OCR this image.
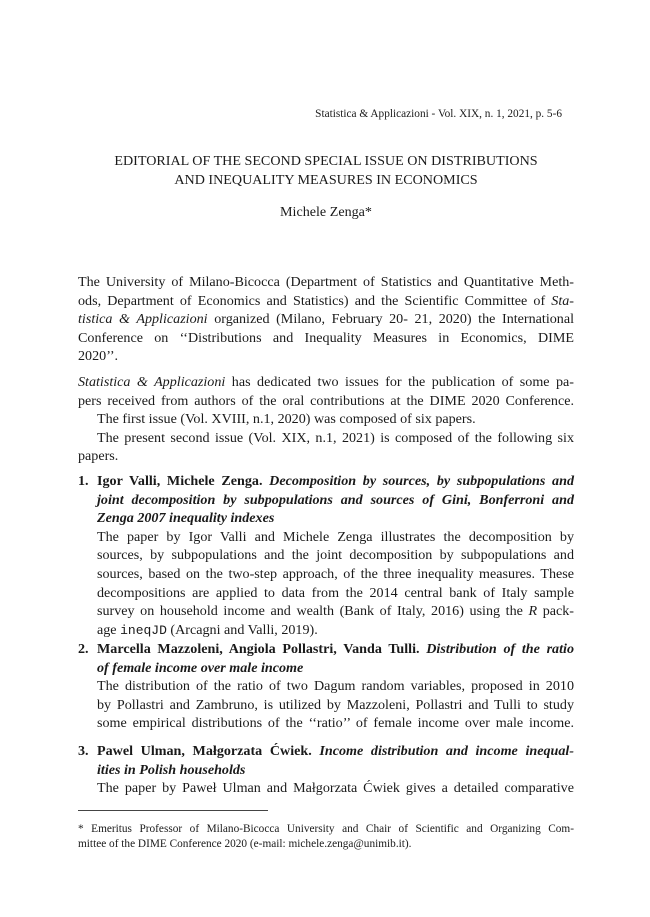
Statistica & Applicazioni - Vol. XIX, n. 1, 2021, p. 5-6
EDITORIAL OF THE SECOND SPECIAL ISSUE ON DISTRIBUTIONS
AND INEQUALITY MEASURES IN ECONOMICS
Michele Zenga*
The University of Milano-Bicocca (Department of Statistics and Quantitative Meth-
ods, Department of Economics and Statistics) and the Scientific Committee of Sta-
tistica & Applicazioni organized (Milano, February 20- 21, 2020) the International
Conference on ‘‘Distributions and Inequality Measures in Economics, DIME
2020’’.
Statistica & Applicazioni has dedicated two issues for the publication of some pa-
pers received from authors of the oral contributions at the DIME 2020 Conference.
The first issue (Vol. XVIII, n.1, 2020) was composed of six papers.
The present second issue (Vol. XIX, n.1, 2021) is composed of the following six
papers.
1. Igor Valli, Michele Zenga. Decomposition by sources, by subpopulations and
joint decomposition by subpopulations and sources of Gini, Bonferroni and
Zenga 2007 inequality indexes
The paper by Igor Valli and Michele Zenga illustrates the decomposition by
sources, by subpopulations and the joint decomposition by subpopulations and
sources, based on the two-step approach, of the three inequality measures. These
decompositions are applied to data from the 2014 central bank of Italy sample
survey on household income and wealth (Bank of Italy, 2016) using the R pack-
age ineqJD (Arcagni and Valli, 2019).
2. Marcella Mazzoleni, Angiola Pollastri, Vanda Tulli. Distribution of the ratio
of female income over male income
The distribution of the ratio of two Dagum random variables, proposed in 2010
by Pollastri and Zambruno, is utilized by Mazzoleni, Pollastri and Tulli to study
some empirical distributions of the ‘‘ratio’’ of female income over male income.
3. Pawel Ulman, Małgorzata Ćwiek. Income distribution and income inequal-
ities in Polish households
The paper by Paweł Ulman and Małgorzata Ćwiek gives a detailed comparative
* Emeritus Professor of Milano-Bicocca University and Chair of Scientific and Organizing Com-
mittee of the DIME Conference 2020 (e-mail: michele.zenga@unimib.it).
